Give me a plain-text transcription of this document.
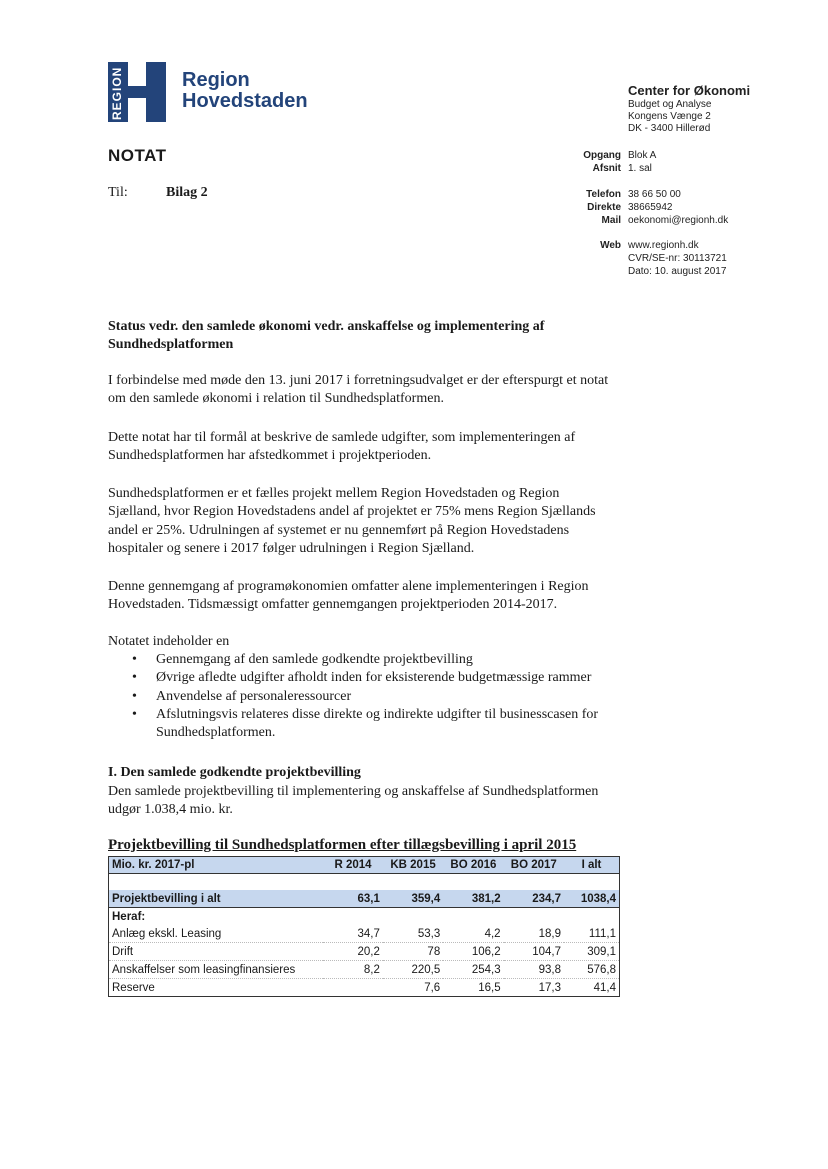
REGION	Region
Hovedstaden	Center for Økonomi
Budget og Analyse
Kongens Vænge 2
DK - 3400 Hillerød
Opgang Blok A
Afsnit 1. sal
Telefon 38 66 50 00
Direkte 38665942
Mail oekonomi@regionh.dk
Web www.regionh.dk
CVR/SE-nr: 30113721
Dato: 10. august 2017
NOTAT
Til:	Bilag 2
Status vedr. den samlede økonomi vedr. anskaffelse og implementering af Sundhedsplatformen
I forbindelse med møde den 13. juni 2017 i forretningsudvalget er der efterspurgt et notat om den samlede økonomi i relation til Sundhedsplatformen.
Dette notat har til formål at beskrive de samlede udgifter, som implementeringen af Sundhedsplatformen har afstedkommet i projektperioden.
Sundhedsplatformen er et fælles projekt mellem Region Hovedstaden og Region Sjælland, hvor Region Hovedstadens andel af projektet er 75% mens Region Sjællands andel er 25%. Udrulningen af systemet er nu gennemført på Region Hovedstadens hospitaler og senere i 2017 følger udrulningen i Region Sjælland.
Denne gennemgang af programøkonomien omfatter alene implementeringen i Region Hovedstaden. Tidsmæssigt omfatter gennemgangen projektperioden 2014-2017.
Notatet indeholder en
• Gennemgang af den samlede godkendte projektbevilling
• Øvrige afledte udgifter afholdt inden for eksisterende budgetmæssige rammer
• Anvendelse af personaleressourcer
• Afslutningsvis relateres disse direkte og indirekte udgifter til businesscasen for Sundhedsplatformen.
I. Den samlede godkendte projektbevilling
Den samlede projektbevilling til implementering og anskaffelse af Sundhedsplatformen udgør 1.038,4 mio. kr.
Projektbevilling til Sundhedsplatformen efter tillægsbevilling i april 2015
Mio. kr. 2017-pl	R 2014	KB 2015	BO 2016	BO 2017	I alt

Projektbevilling i alt	63,1	359,4	381,2	234,7	1038,4
Heraf:					
Anlæg ekskl. Leasing	34,7	53,3	4,2	18,9	111,1
Drift	20,2	78	106,2	104,7	309,1
Anskaffelser som leasingfinansieres	8,2	220,5	254,3	93,8	576,8
Reserve		7,6	16,5	17,3	41,4
